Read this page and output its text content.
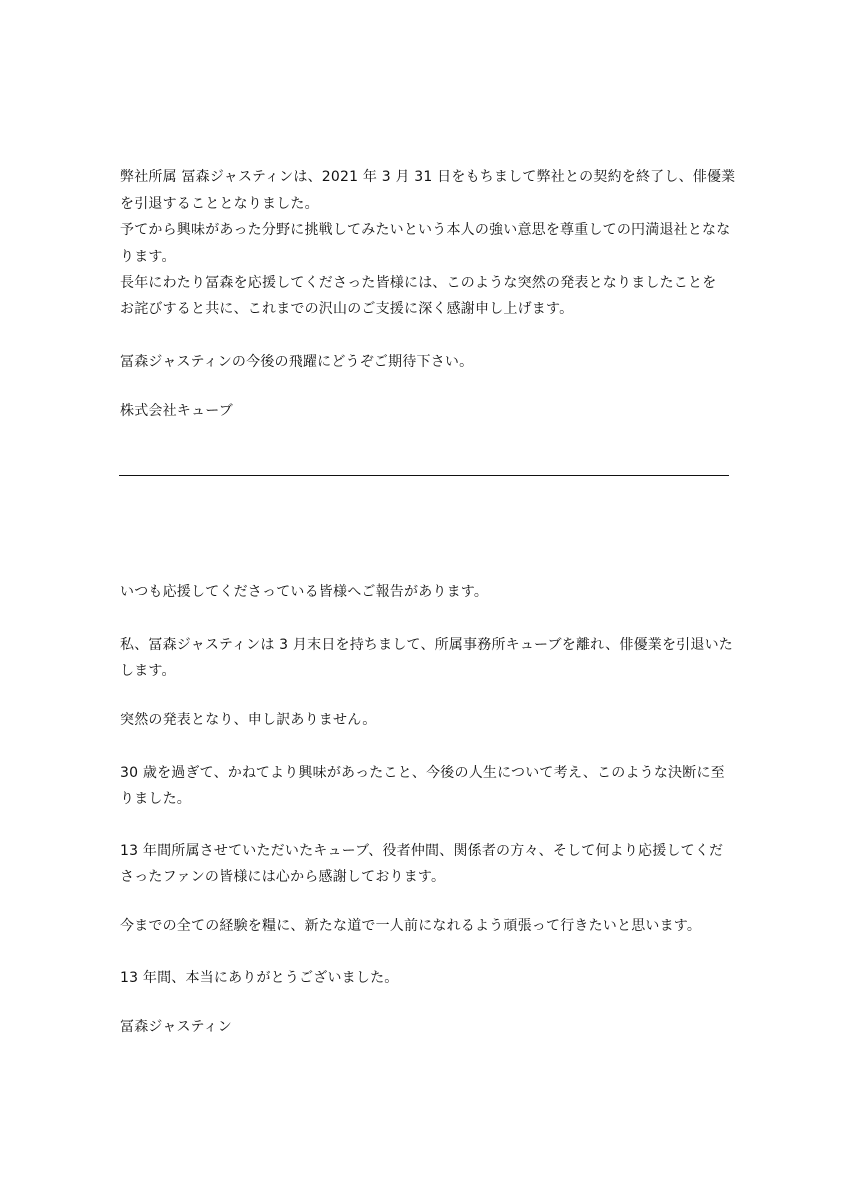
弊社所属 冨森ジャスティンは、2021 年 3 月 31 日をもちまして弊社との契約を終了し、俳優業
を引退することとなりました。
予てから興味があった分野に挑戦してみたいという本人の強い意思を尊重しての円満退社となな
ります。
長年にわたり冨森を応援してくださった皆様には、このような突然の発表となりましたことを
お詫びすると共に、これまでの沢山のご支援に深く感謝申し上げます。
冨森ジャスティンの今後の飛躍にどうぞご期待下さい。
株式会社キューブ
いつも応援してくださっている皆様へご報告があります。
私、冨森ジャスティンは 3 月末日を持ちまして、所属事務所キューブを離れ、俳優業を引退いた
します。
突然の発表となり、申し訳ありません。
30 歳を過ぎて、かねてより興味があったこと、今後の人生について考え、このような決断に至
りました。
13 年間所属させていただいたキューブ、役者仲間、関係者の方々、そして何より応援してくだ
さったファンの皆様には心から感謝しております。
今までの全ての経験を糧に、新たな道で一人前になれるよう頑張って行きたいと思います。
13 年間、本当にありがとうございました。
冨森ジャスティン
